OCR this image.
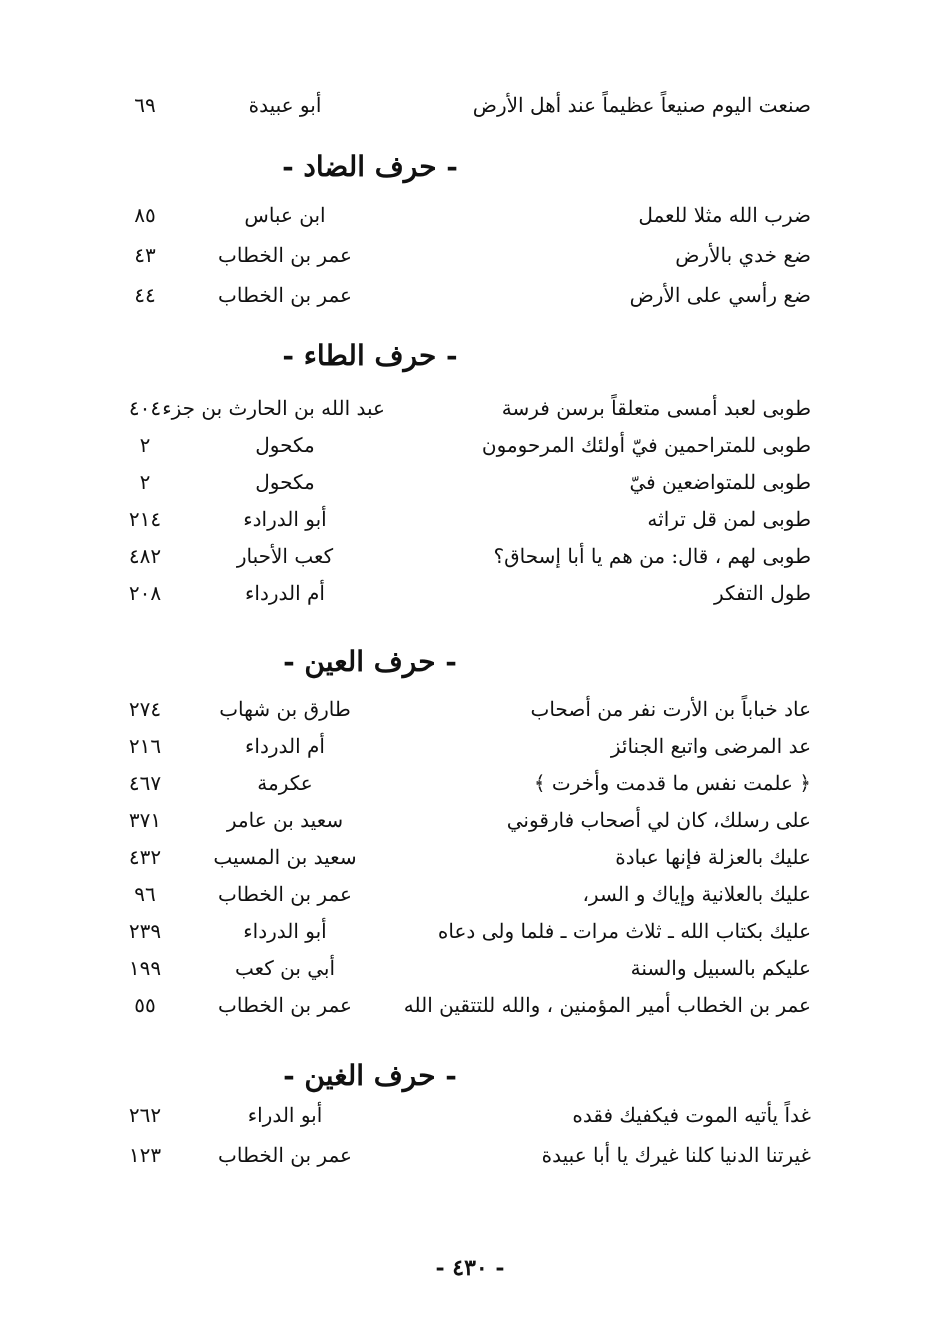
صنعت اليوم صنيعاً عظيماً عند أهل الأرض
أبو عبيدة
٦٩
- حرف الضاد -
ضرب الله مثلا للعمل
ابن عباس
٨٥
ضع خدي بالأرض
عمر بن الخطاب
٤٣
ضع رأسي على الأرض
عمر بن الخطاب
٤٤
- حرف الطاء -
طوبى لعبد أمسى متعلقاً برسن فرسة
عبد الله بن الحارث بن جزء
٤٠٤
طوبى للمتراحمين فيّ أولئك المرحومون
مكحول
٢
طوبى للمتواضعين فيّ
مكحول
٢
طوبى لمن قل تراثه
أبو الدرادء
٢١٤
طوبى لهم ، قال: من هم يا أبا إسحاق؟
كعب الأحبار
٤٨٢
طول التفكر
أم الدرداء
٢٠٨
- حرف العين -
عاد خباباً بن الأرت نفر من أصحاب
طارق بن شهاب
٢٧٤
عد المرضى واتبع الجنائز
أم الدرداء
٢١٦
﴿ علمت نفس ما قدمت وأخرت ﴾
عكرمة
٤٦٧
على رسلك، كان لي أصحاب فارقوني
سعيد بن عامر
٣٧١
عليك بالعزلة فإنها عبادة
سعيد بن المسيب
٤٣٢
عليك بالعلانية وإياك و السر،
عمر بن الخطاب
٩٦
عليك بكتاب الله ـ ثلاث مرات ـ فلما ولى دعاه
أبو الدرداء
٢٣٩
عليكم بالسبيل والسنة
أبي بن كعب
١٩٩
عمر بن الخطاب أمير المؤمنين ، والله للتتقين الله
عمر بن الخطاب
٥٥
- حرف الغين -
غداً يأتيه الموت فيكفيك فقده
أبو الدراء
٢٦٢
غيرتنا الدنيا كلنا غيرك يا أبا عبيدة
عمر بن الخطاب
١٢٣
- ٤٣٠ -
